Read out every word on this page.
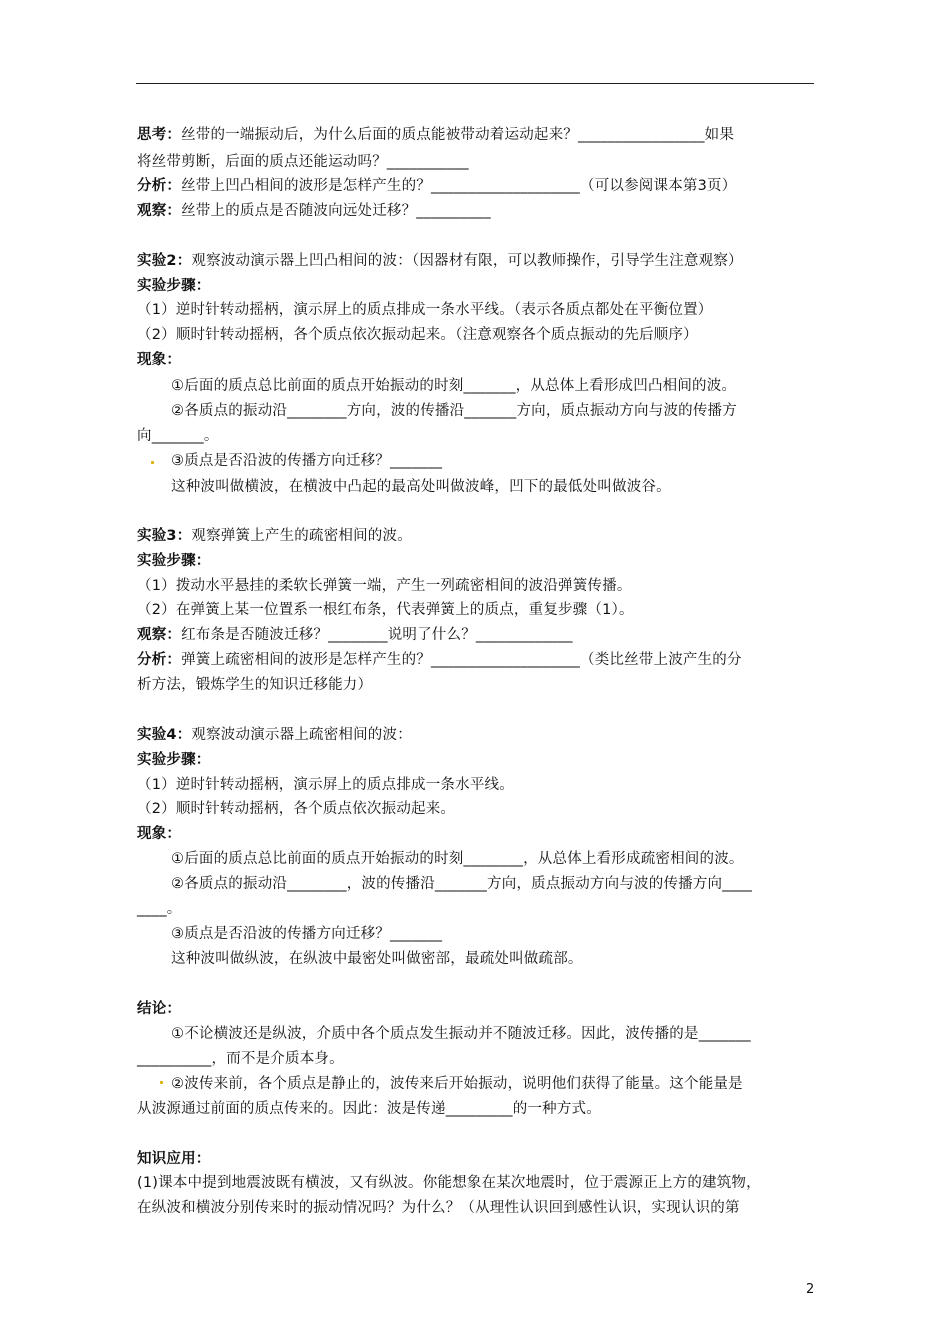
思考：丝带的一端振动后，为什么后面的质点能被带动着运动起来？_________________如果
将丝带剪断，后面的质点还能运动吗？___________
分析：丝带上凹凸相间的波形是怎样产生的？____________________（可以参阅课本第3页）
观察：丝带上的质点是否随波向远处迁移？__________
实验2：观察波动演示器上凹凸相间的波：（因器材有限，可以教师操作，引导学生注意观察）
实验步骤：
（1）逆时针转动摇柄，演示屏上的质点排成一条水平线。（表示各质点都处在平衡位置）
（2）顺时针转动摇柄，各个质点依次振动起来。（注意观察各个质点振动的先后顺序）
现象：
①后面的质点总比前面的质点开始振动的时刻_______，从总体上看形成凹凸相间的波。
②各质点的振动沿________方向，波的传播沿_______方向，质点振动方向与波的传播方
向_______。
③质点是否沿波的传播方向迁移？_______
这种波叫做横波，在横波中凸起的最高处叫做波峰，凹下的最低处叫做波谷。
实验3：观察弹簧上产生的疏密相间的波。
实验步骤：
（1）拨动水平悬挂的柔软长弹簧一端，产生一列疏密相间的波沿弹簧传播。
（2）在弹簧上某一位置系一根红布条，代表弹簧上的质点，重复步骤（1）。
观察：红布条是否随波迁移？________说明了什么？_____________
分析：弹簧上疏密相间的波形是怎样产生的？____________________（类比丝带上波产生的分
析方法，锻炼学生的知识迁移能力）
实验4：观察波动演示器上疏密相间的波：
实验步骤：
（1）逆时针转动摇柄，演示屏上的质点排成一条水平线。
（2）顺时针转动摇柄，各个质点依次振动起来。
现象：
①后面的质点总比前面的质点开始振动的时刻________，从总体上看形成疏密相间的波。
②各质点的振动沿________，波的传播沿_______方向，质点振动方向与波的传播方向____
____。
③质点是否沿波的传播方向迁移？_______
这种波叫做纵波，在纵波中最密处叫做密部，最疏处叫做疏部。
结论：
①不论横波还是纵波，介质中各个质点发生振动并不随波迁移。因此，波传播的是_______
__________，而不是介质本身。
②波传来前，各个质点是静止的，波传来后开始振动，说明他们获得了能量。这个能量是
从波源通过前面的质点传来的。因此：波是传递_________的一种方式。
知识应用：
(1)课本中提到地震波既有横波，又有纵波。你能想象在某次地震时，位于震源正上方的建筑物，
在纵波和横波分别传来时的振动情况吗？为什么？（从理性认识回到感性认识，实现认识的第
2
